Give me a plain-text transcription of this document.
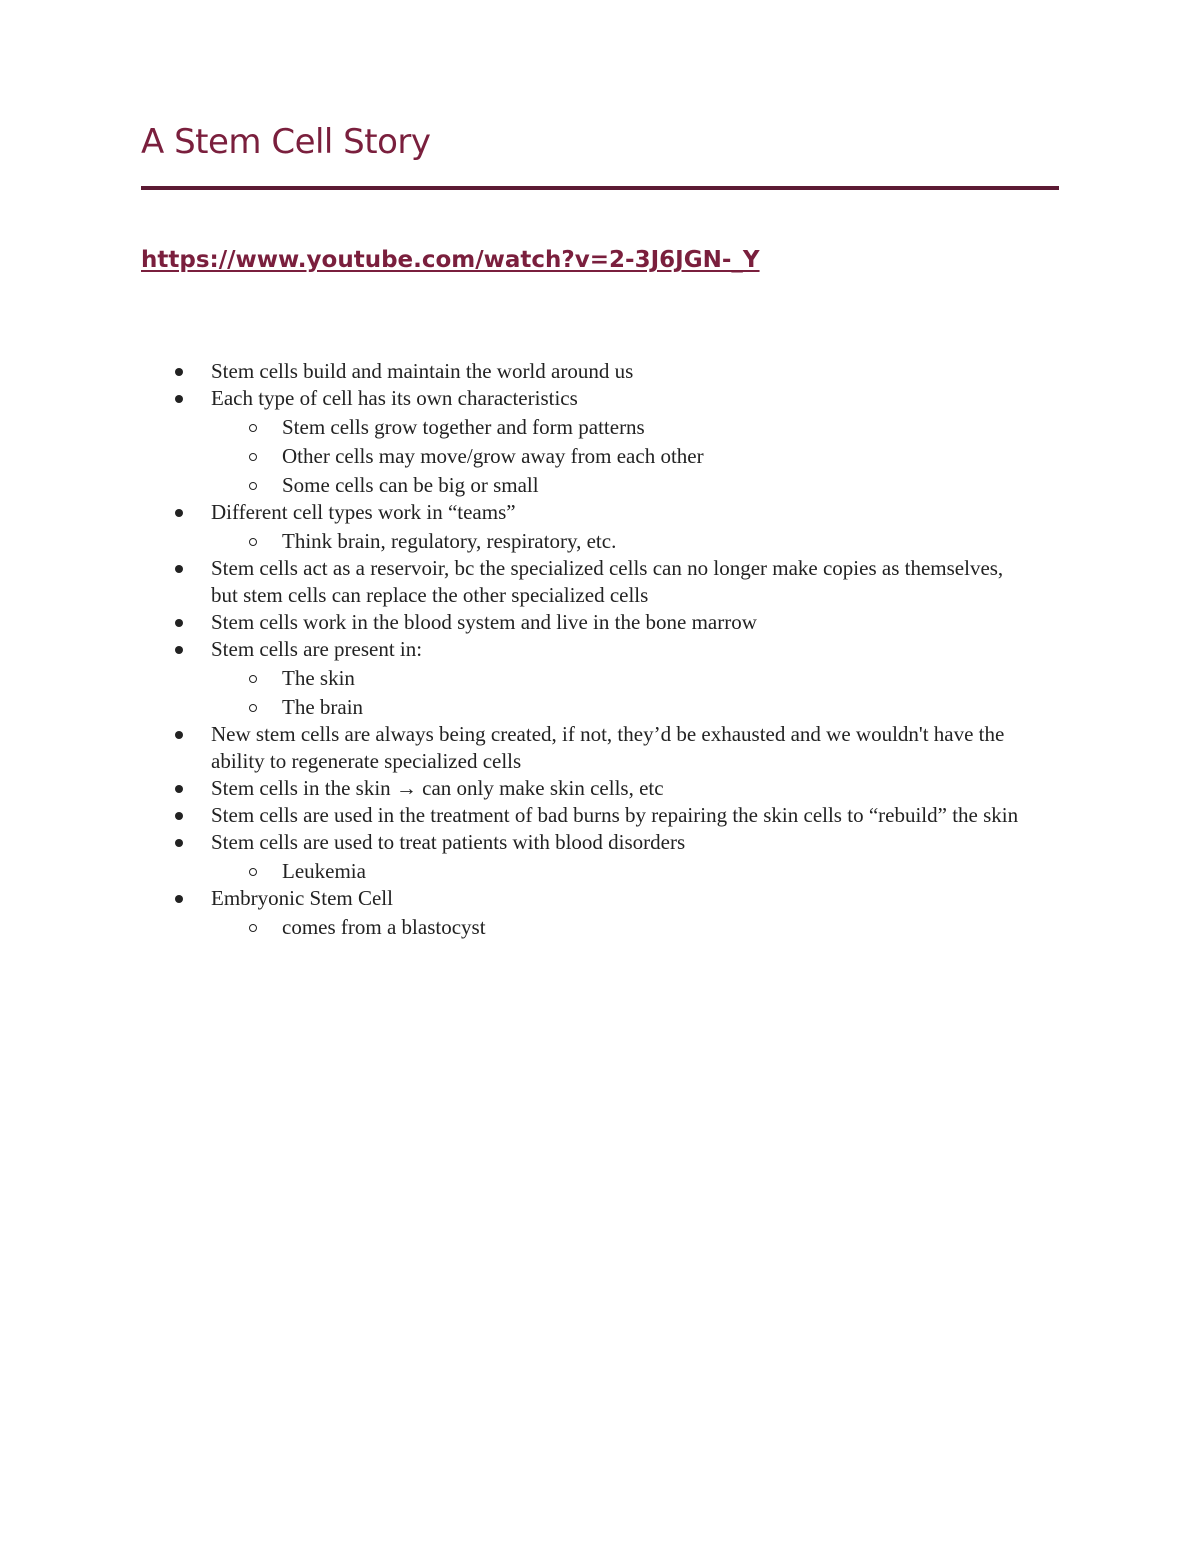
A Stem Cell Story
https://www.youtube.com/watch?v=2-3J6JGN-_Y
Stem cells build and maintain the world around us
Each type of cell has its own characteristics
Stem cells grow together and form patterns
Other cells may move/grow away from each other
Some cells can be big or small
Different cell types work in “teams”
Think brain, regulatory, respiratory, etc.
Stem cells act as a reservoir, bc the specialized cells can no longer make copies as themselves, but stem cells can replace the other specialized cells
Stem cells work in the blood system and live in the bone marrow
Stem cells are present in:
The skin
The brain
New stem cells are always being created, if not, they’d be exhausted and we wouldn't have the ability to regenerate specialized cells
Stem cells in the skin → can only make skin cells, etc
Stem cells are used in the treatment of bad burns by repairing the skin cells to “rebuild” the skin
Stem cells are used to treat patients with blood disorders
Leukemia
Embryonic Stem Cell
comes from a blastocyst
